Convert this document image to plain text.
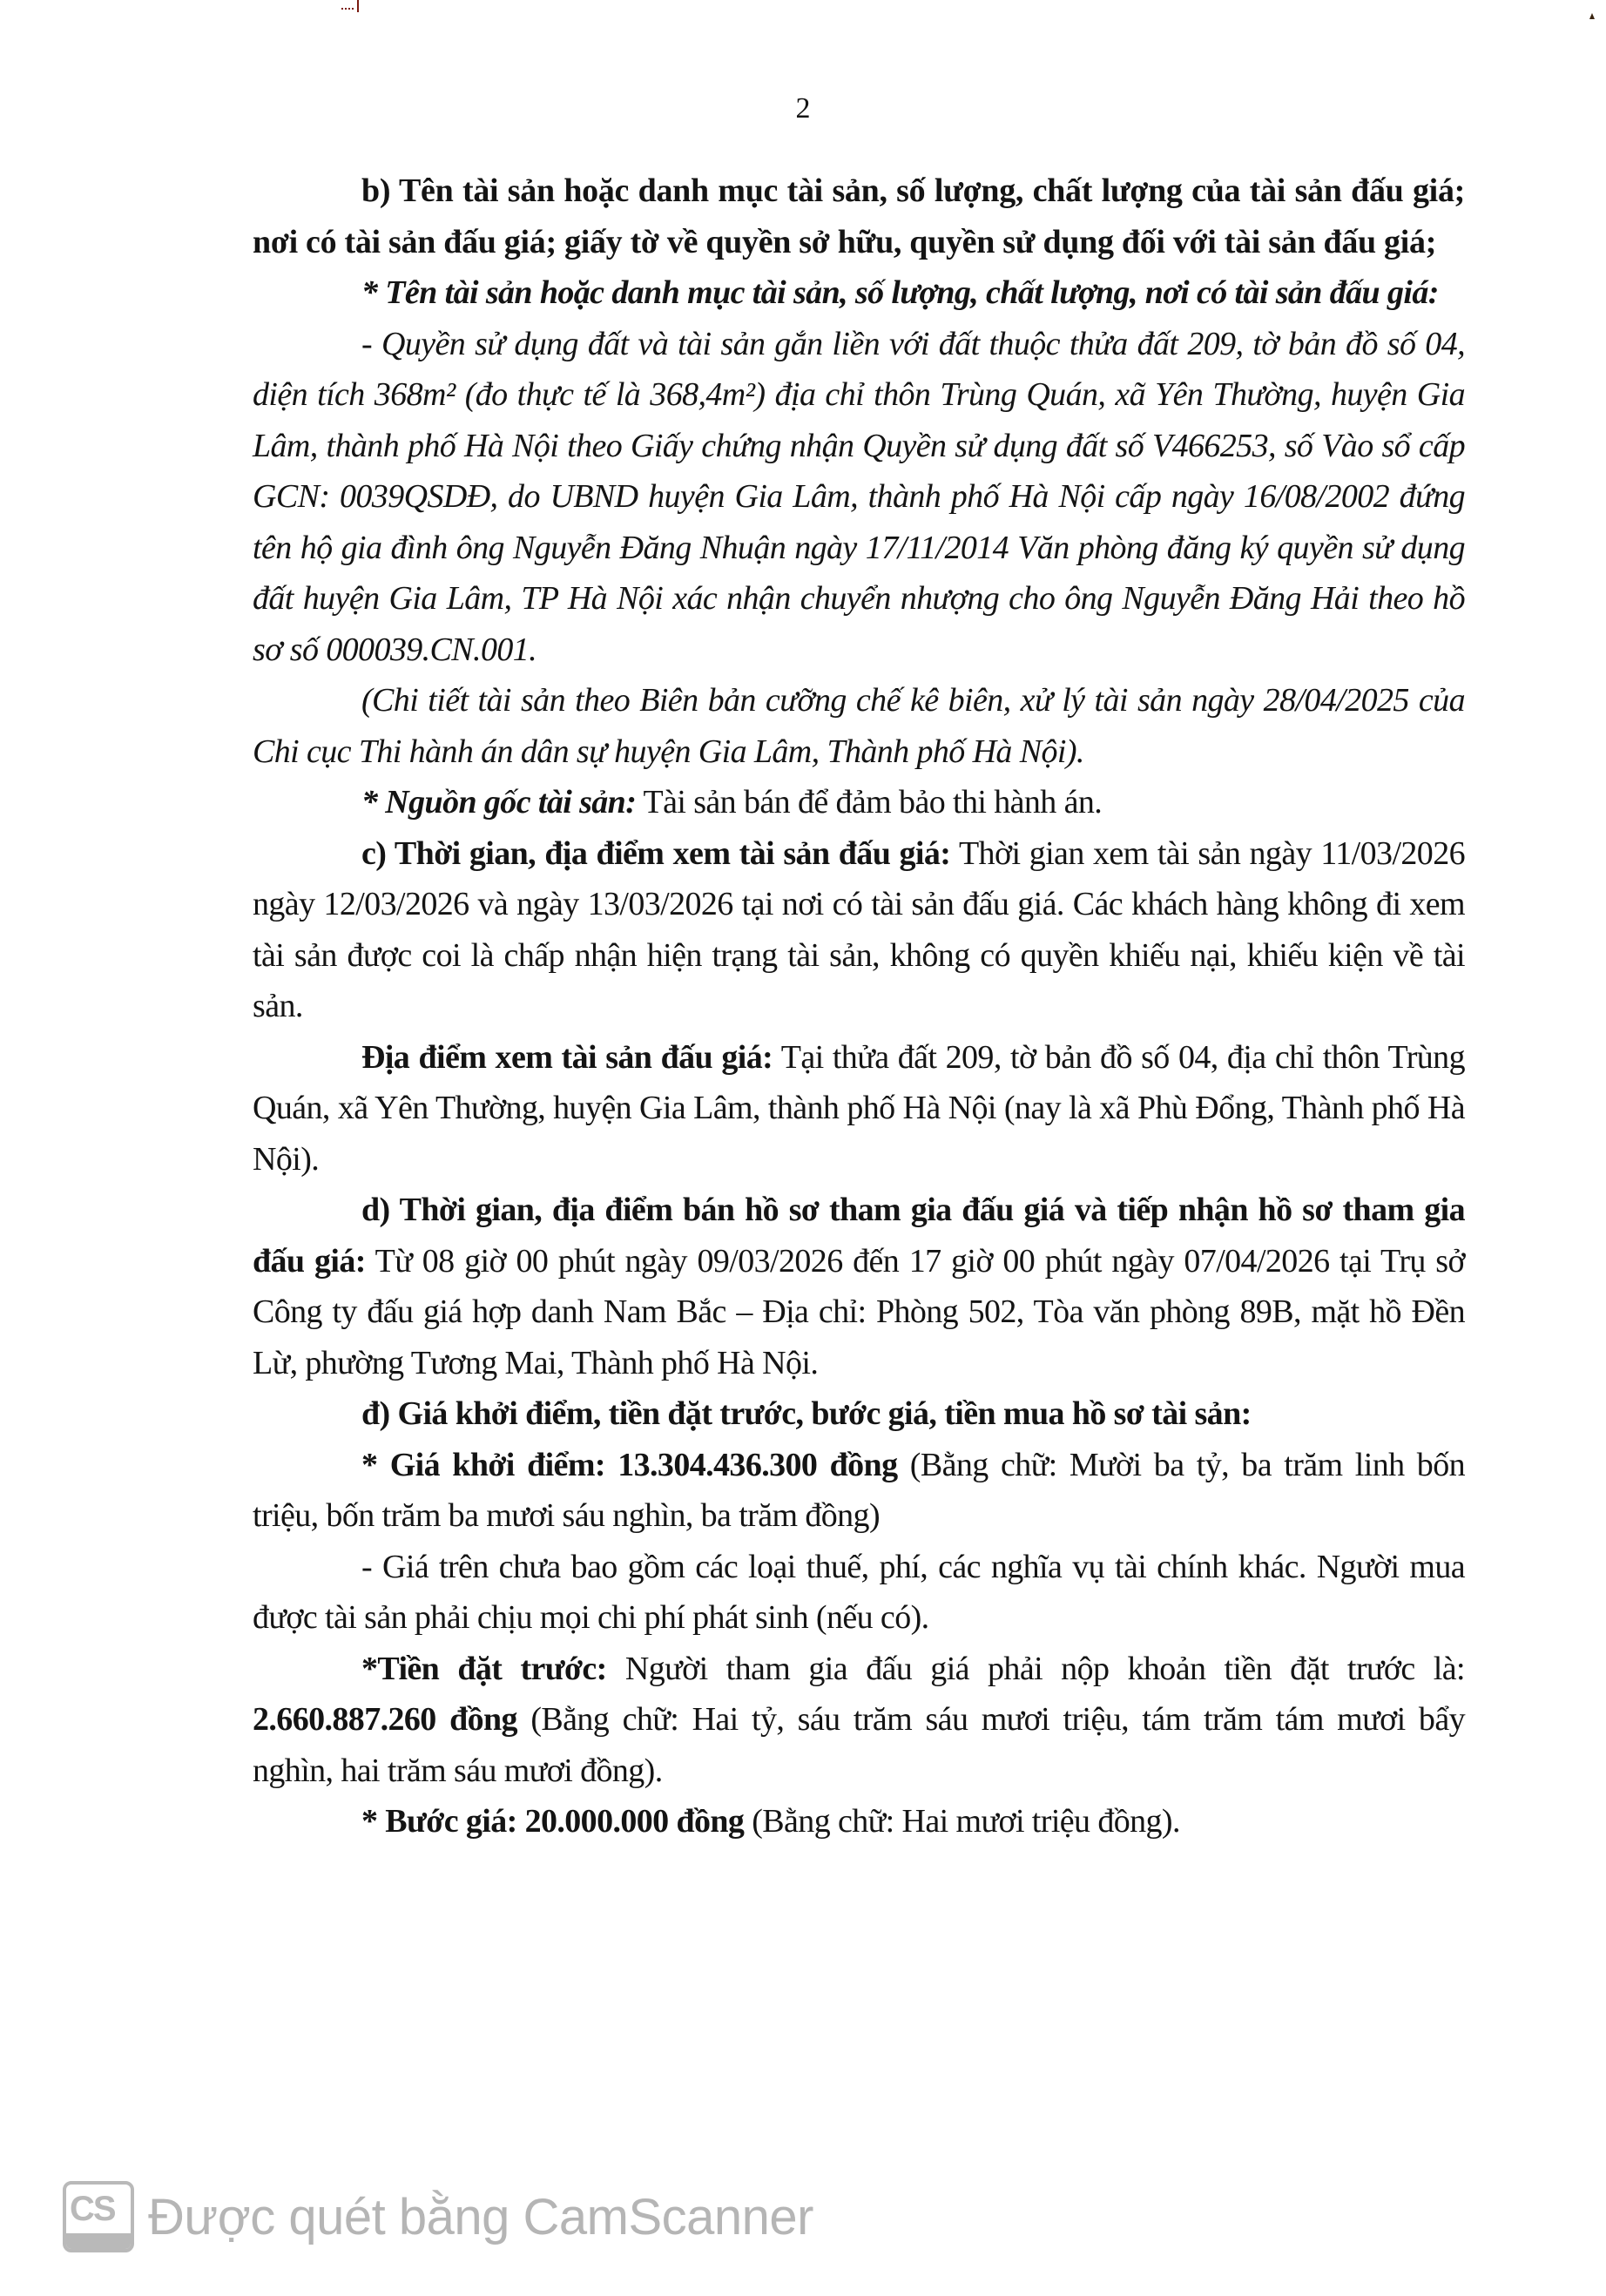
2

b) Tên tài sản hoặc danh mục tài sản, số lượng, chất lượng của tài sản đấu giá; nơi có tài sản đấu giá; giấy tờ về quyền sở hữu, quyền sử dụng đối với tài sản đấu giá;

* Tên tài sản hoặc danh mục tài sản, số lượng, chất lượng, nơi có tài sản đấu giá:

- Quyền sử dụng đất và tài sản gắn liền với đất thuộc thửa đất 209, tờ bản đồ số 04, diện tích 368m² (đo thực tế là 368,4m²) địa chỉ thôn Trùng Quán, xã Yên Thường, huyện Gia Lâm, thành phố Hà Nội theo Giấy chứng nhận Quyền sử dụng đất số V466253, số Vào sổ cấp GCN: 0039QSDĐ, do UBND huyện Gia Lâm, thành phố Hà Nội cấp ngày 16/08/2002 đứng tên hộ gia đình ông Nguyễn Đăng Nhuận ngày 17/11/2014 Văn phòng đăng ký quyền sử dụng đất huyện Gia Lâm, TP Hà Nội xác nhận chuyển nhượng cho ông Nguyễn Đăng Hải theo hồ sơ số 000039.CN.001.

(Chi tiết tài sản theo Biên bản cưỡng chế kê biên, xử lý tài sản ngày 28/04/2025 của Chi cục Thi hành án dân sự huyện Gia Lâm, Thành phố Hà Nội).

* Nguồn gốc tài sản: Tài sản bán để đảm bảo thi hành án.

c) Thời gian, địa điểm xem tài sản đấu giá: Thời gian xem tài sản ngày 11/03/2026 ngày 12/03/2026 và ngày 13/03/2026 tại nơi có tài sản đấu giá. Các khách hàng không đi xem tài sản được coi là chấp nhận hiện trạng tài sản, không có quyền khiếu nại, khiếu kiện về tài sản.

Địa điểm xem tài sản đấu giá: Tại thửa đất 209, tờ bản đồ số 04, địa chỉ thôn Trùng Quán, xã Yên Thường, huyện Gia Lâm, thành phố Hà Nội (nay là xã Phù Đổng, Thành phố Hà Nội).

d) Thời gian, địa điểm bán hồ sơ tham gia đấu giá và tiếp nhận hồ sơ tham gia đấu giá: Từ 08 giờ 00 phút ngày 09/03/2026 đến 17 giờ 00 phút ngày 07/04/2026 tại Trụ sở Công ty đấu giá hợp danh Nam Bắc – Địa chỉ: Phòng 502, Tòa văn phòng 89B, mặt hồ Đền Lừ, phường Tương Mai, Thành phố Hà Nội.

đ) Giá khởi điểm, tiền đặt trước, bước giá, tiền mua hồ sơ tài sản:

* Giá khởi điểm: 13.304.436.300 đồng (Bằng chữ: Mười ba tỷ, ba trăm linh bốn triệu, bốn trăm ba mươi sáu nghìn, ba trăm đồng)

- Giá trên chưa bao gồm các loại thuế, phí, các nghĩa vụ tài chính khác. Người mua được tài sản phải chịu mọi chi phí phát sinh (nếu có).

*Tiền đặt trước: Người tham gia đấu giá phải nộp khoản tiền đặt trước là: 2.660.887.260 đồng (Bằng chữ: Hai tỷ, sáu trăm sáu mươi triệu, tám trăm tám mươi bẩy nghìn, hai trăm sáu mươi đồng).

* Bước giá: 20.000.000 đồng (Bằng chữ: Hai mươi triệu đồng).

CS Được quét bằng CamScanner
